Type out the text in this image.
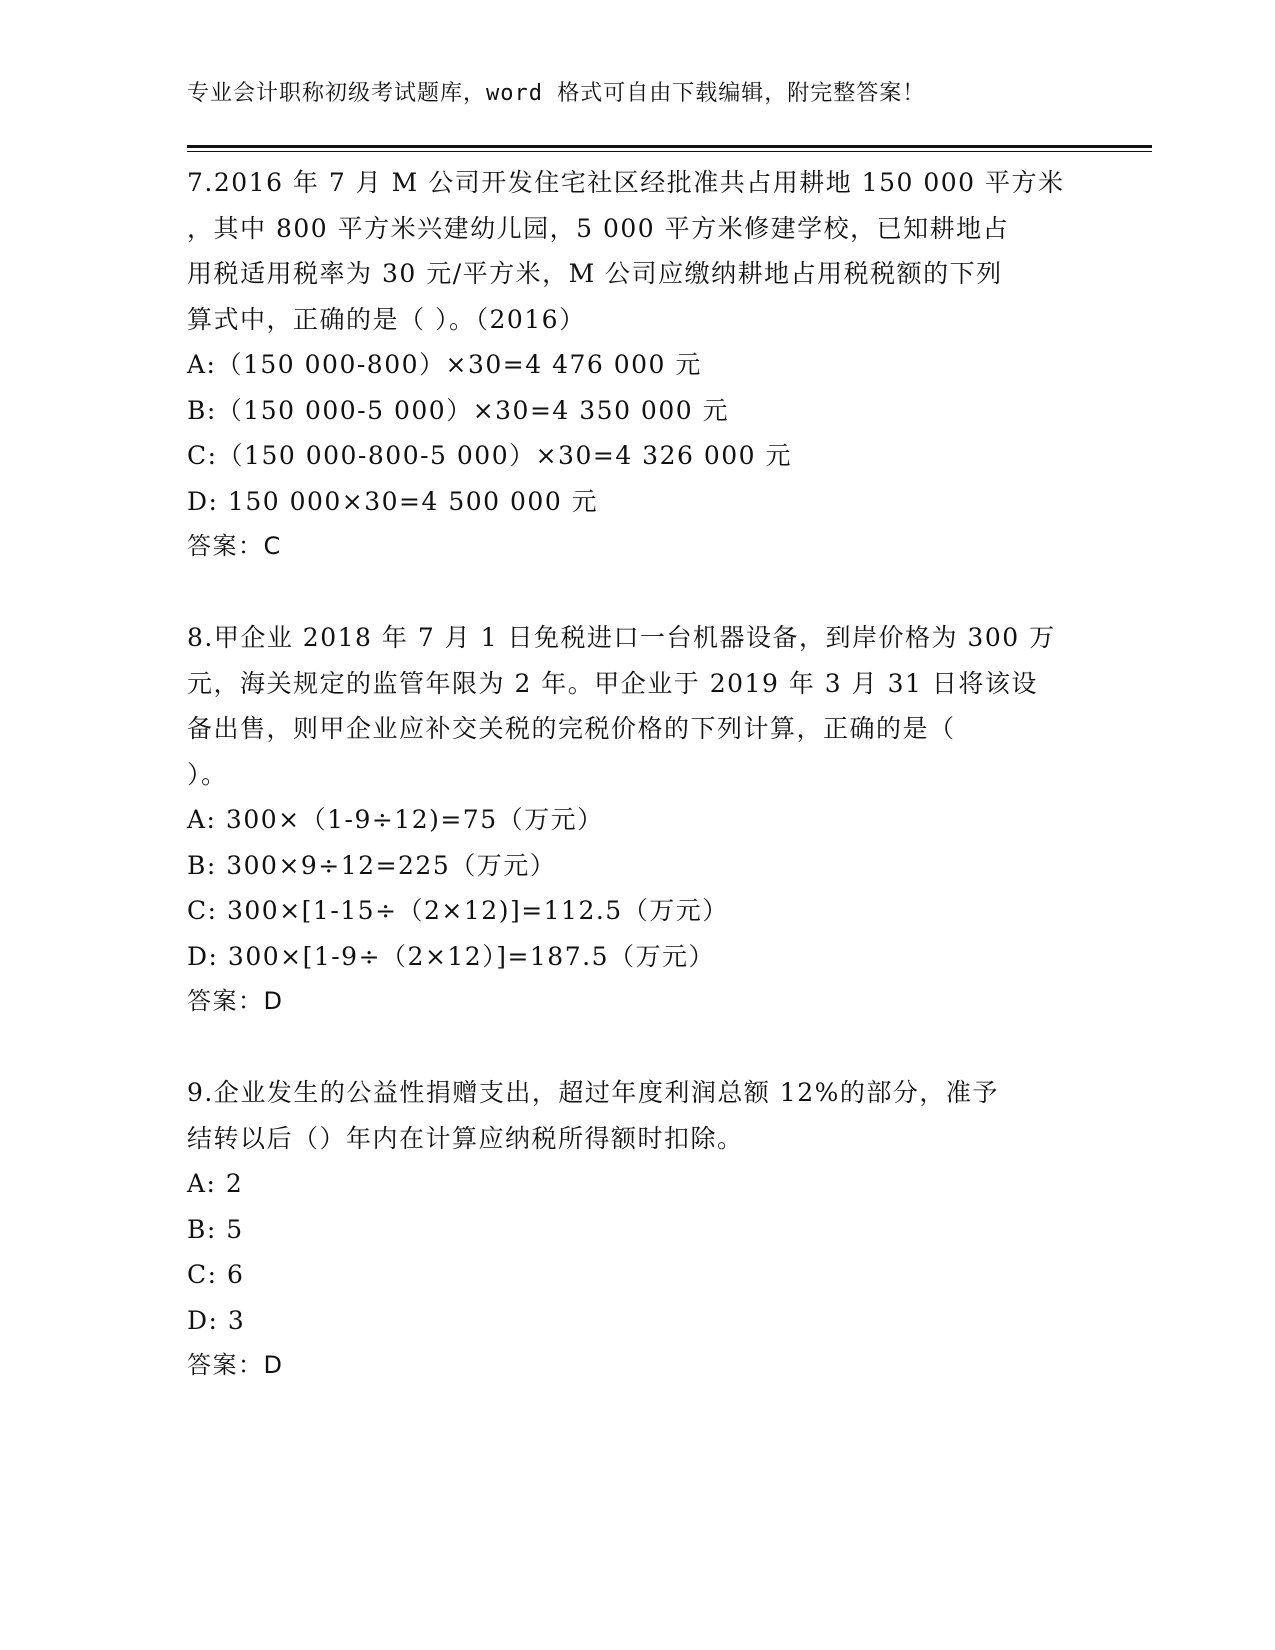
专业会计职称初级考试题库，word 格式可自由下载编辑，附完整答案！

7.2016 年 7 月 M 公司开发住宅社区经批准共占用耕地 150 000 平方米
，其中 800 平方米兴建幼儿园，5 000 平方米修建学校，已知耕地占
用税适用税率为 30 元/平方米，M 公司应缴纳耕地占用税税额的下列
算式中，正确的是（ ）。（2016）

A:（150 000-800）×30=4 476 000 元
B:（150 000-5 000）×30=4 350 000 元
C:（150 000-800-5 000）×30=4 326 000 元
D: 150 000×30=4 500 000 元
答案：C

8.甲企业 2018 年 7 月 1 日免税进口一台机器设备，到岸价格为 300 万
元，海关规定的监管年限为 2 年。甲企业于 2019 年 3 月 31 日将该设
备出售，则甲企业应补交关税的完税价格的下列计算，正确的是（
）。

A: 300×（1-9÷12)=75（万元）
B: 300×9÷12=225（万元）
C: 300×[1-15÷（2×12)]=112.5（万元）
D: 300×[1-9÷（2×12）]=187.5（万元）
答案：D

9.企业发生的公益性捐赠支出，超过年度利润总额 12%的部分，准予
结转以后（）年内在计算应纳税所得额时扣除。

A: 2
B: 5
C: 6
D: 3
答案：D
